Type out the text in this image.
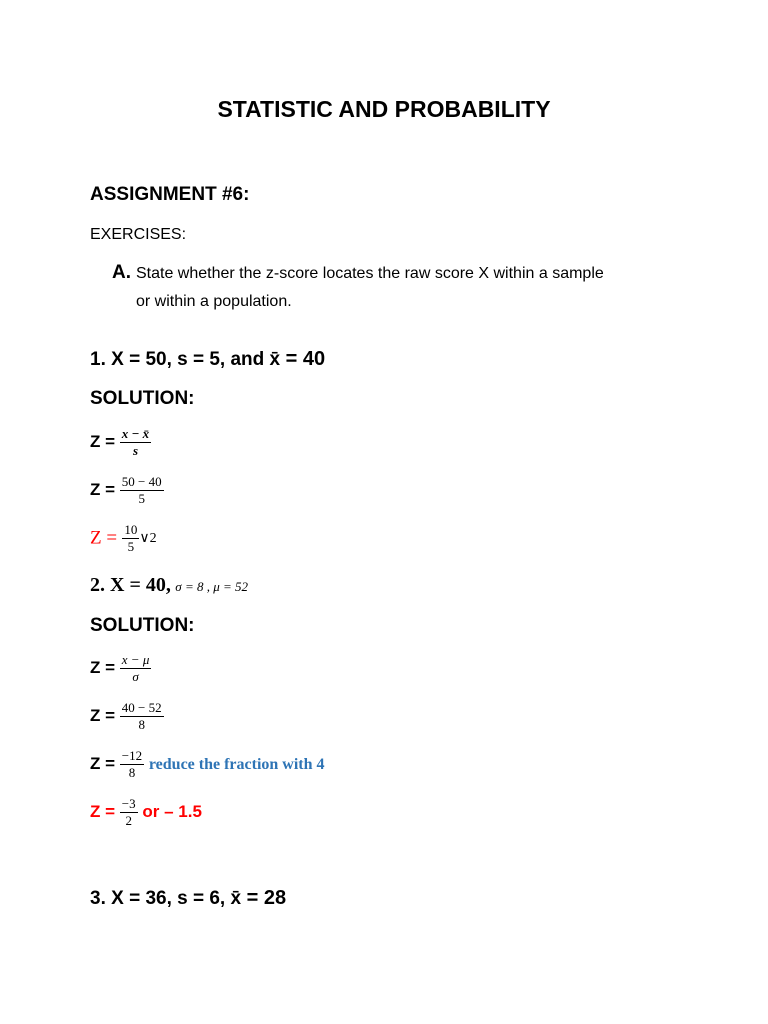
STATISTIC AND PROBABILITY
ASSIGNMENT #6:
EXERCISES:
A. State whether the z-score locates the raw score X within a sample
or within a population.
1. X = 50, s = 5, and x̄ = 40
SOLUTION:
$Z = \frac{x - x̄}{s}$
$Z = \frac{50 - 40}{5}$
$Z = \frac{10}{5}$ ∨2
2. X = 40, σ = 8 , μ = 52
SOLUTION:
$Z = \frac{x - \mu}{\sigma}$
$Z = \frac{40 - 52}{8}$
$Z = \frac{-12}{8}$ reduce the fraction with 4
$Z = \frac{-3}{2}$ or – 1.5
3. X = 36, s = 6, x̄ = 28
